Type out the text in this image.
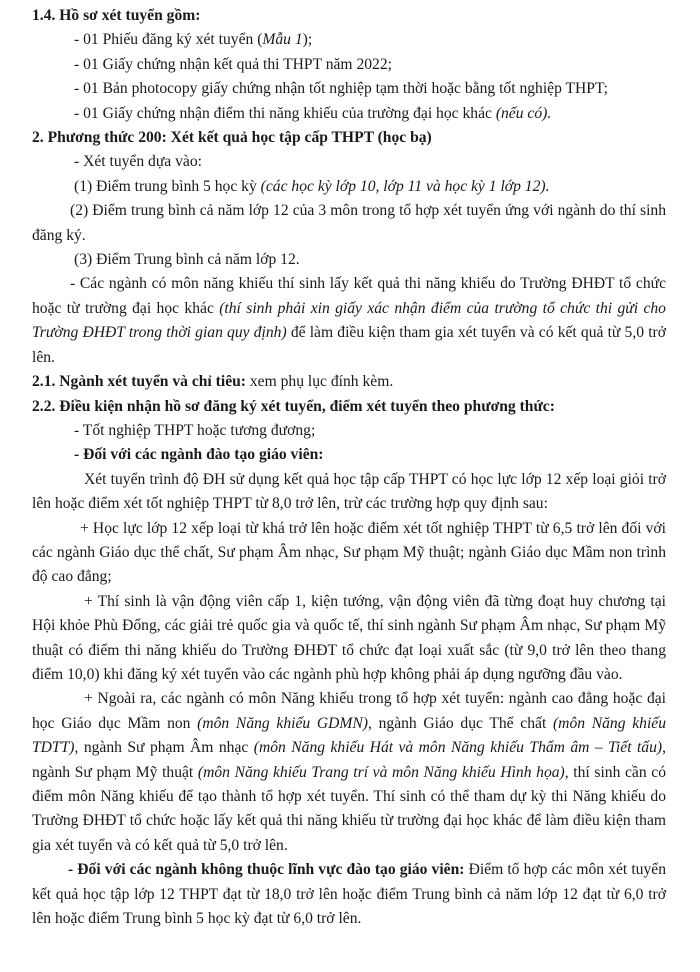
1.4. Hồ sơ xét tuyển gồm:
- 01 Phiếu đăng ký xét tuyển (Mẫu 1);
- 01 Giấy chứng nhận kết quả thi THPT năm 2022;
- 01 Bản photocopy giấy chứng nhận tốt nghiệp tạm thời hoặc bằng tốt nghiệp THPT;
- 01 Giấy chứng nhận điểm thi năng khiếu của trường đại học khác (nếu có).
2. Phương thức 200: Xét kết quả học tập cấp THPT (học bạ)
- Xét tuyển dựa vào:
(1) Điểm trung bình 5 học kỳ (các học kỳ lớp 10, lớp 11 và học kỳ 1 lớp 12).
(2) Điểm trung bình cả năm lớp 12 của 3 môn trong tổ hợp xét tuyển ứng với ngành do thí sinh đăng ký.
(3) Điểm Trung bình cả năm lớp 12.
- Các ngành có môn năng khiếu thí sinh lấy kết quả thi năng khiếu do Trường ĐHĐT tổ chức hoặc từ trường đại học khác (thí sinh phải xin giấy xác nhận điểm của trường tổ chức thi gửi cho Trường ĐHĐT trong thời gian quy định) để làm điều kiện tham gia xét tuyển và có kết quả từ 5,0 trở lên.
2.1. Ngành xét tuyển và chỉ tiêu: xem phụ lục đính kèm.
2.2. Điều kiện nhận hồ sơ đăng ký xét tuyển, điểm xét tuyển theo phương thức:
- Tốt nghiệp THPT hoặc tương đương;
- Đối với các ngành đào tạo giáo viên:
Xét tuyển trình độ ĐH sử dụng kết quả học tập cấp THPT có học lực lớp 12 xếp loại giỏi trở lên hoặc điểm xét tốt nghiệp THPT từ 8,0 trở lên, trừ các trường hợp quy định sau:
+ Học lực lớp 12 xếp loại từ khá trở lên hoặc điểm xét tốt nghiệp THPT từ 6,5 trở lên đối với các ngành Giáo dục thể chất, Sư phạm Âm nhạc, Sư phạm Mỹ thuật; ngành Giáo dục Mầm non trình độ cao đẳng;
+ Thí sinh là vận động viên cấp 1, kiện tướng, vận động viên đã từng đoạt huy chương tại Hội khỏe Phù Đổng, các giải trẻ quốc gia và quốc tế, thí sinh ngành Sư phạm Âm nhạc, Sư phạm Mỹ thuật có điểm thi năng khiếu do Trường ĐHĐT tổ chức đạt loại xuất sắc (từ 9,0 trở lên theo thang điểm 10,0) khi đăng ký xét tuyển vào các ngành phù hợp không phải áp dụng ngưỡng đầu vào.
+ Ngoài ra, các ngành có môn Năng khiếu trong tổ hợp xét tuyển: ngành cao đẳng hoặc đại học Giáo dục Mầm non (môn Năng khiếu GDMN), ngành Giáo dục Thể chất (môn Năng khiếu TDTT), ngành Sư phạm Âm nhạc (môn Năng khiếu Hát và môn Năng khiếu Thẩm âm – Tiết tấu), ngành Sư phạm Mỹ thuật (môn Năng khiếu Trang trí và môn Năng khiếu Hình họa), thí sinh cần có điểm môn Năng khiếu để tạo thành tổ hợp xét tuyển. Thí sinh có thể tham dự kỳ thi Năng khiếu do Trường ĐHĐT tổ chức hoặc lấy kết quả thi năng khiếu từ trường đại học khác để làm điều kiện tham gia xét tuyển và có kết quả từ 5,0 trở lên.
- Đối với các ngành không thuộc lĩnh vực đào tạo giáo viên: Điểm tổ hợp các môn xét tuyển kết quả học tập lớp 12 THPT đạt từ 18,0 trở lên hoặc điểm Trung bình cả năm lớp 12 đạt từ 6,0 trở lên hoặc điểm Trung bình 5 học kỳ đạt từ 6,0 trở lên.
